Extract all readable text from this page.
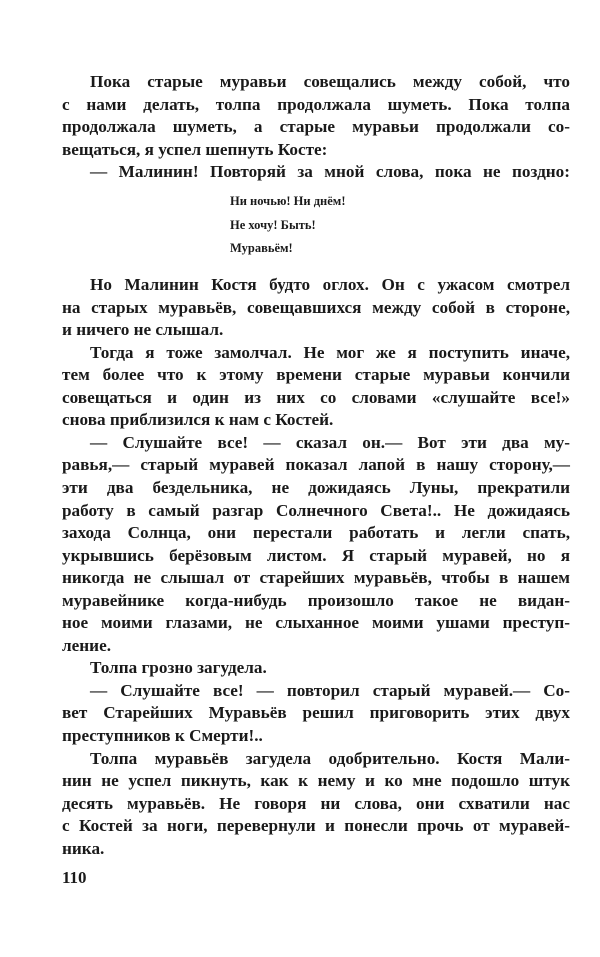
Пока старые муравьи совещались между собой, что
с нами делать, толпа продолжала шуметь. Пока толпа
продолжала шуметь, а старые муравьи продолжали со-
вещаться, я успел шепнуть Косте:
— Малинин! Повторяй за мной слова, пока не поздно:
Ни ночью! Ни днём!
Не хочу! Быть!
Муравьём!
Но Малинин Костя будто оглох. Он с ужасом смотрел
на старых муравьёв, совещавшихся между собой в стороне,
и ничего не слышал.
Тогда я тоже замолчал. Не мог же я поступить иначе,
тем более что к этому времени старые муравьи кончили
совещаться и один из них со словами «слушайте все!»
снова приблизился к нам с Костей.
— Слушайте все! — сказал он.— Вот эти два му-
равья,— старый муравей показал лапой в нашу сторону,—
эти два бездельника, не дожидаясь Луны, прекратили
работу в самый разгар Солнечного Света!.. Не дожидаясь
захода Солнца, они перестали работать и легли спать,
укрывшись берёзовым листом. Я старый муравей, но я
никогда не слышал от старейших муравьёв, чтобы в нашем
муравейнике когда-нибудь произошло такое не видан-
ное моими глазами, не слыханное моими ушами преступ-
ление.
Толпа грозно загудела.
— Слушайте все! — повторил старый муравей.— Со-
вет Старейших Муравьёв решил приговорить этих двух
преступников к Смерти!..
Толпа муравьёв загудела одобрительно. Костя Мали-
нин не успел пикнуть, как к нему и ко мне подошло штук
десять муравьёв. Не говоря ни слова, они схватили нас
с Костей за ноги, перевернули и понесли прочь от муравей-
ника.
110
